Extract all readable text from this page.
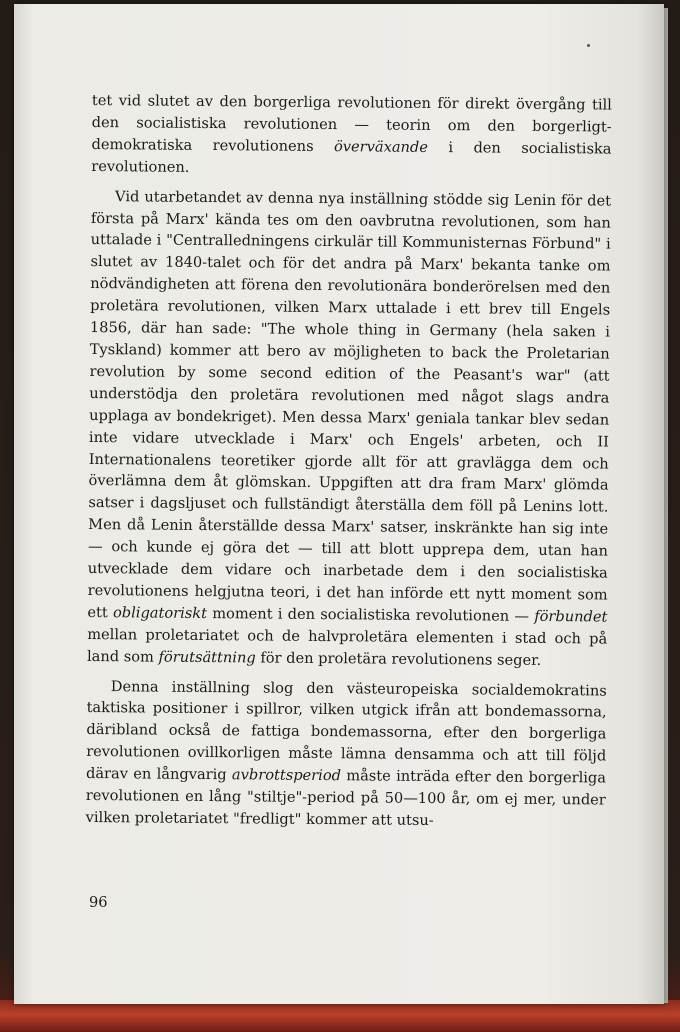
tet vid slutet av den borgerliga revolutionen för direkt övergång till den socialistiska revolutionen — teorin om den borgerligt-demokratiska revolutionens överväxande i den socialistiska revolutionen.

Vid utarbetandet av denna nya inställning stödde sig Lenin för det första på Marx' kända tes om den oavbrutna revolutionen, som han uttalade i "Centralledningens cirkulär till Kommunisternas Förbund" i slutet av 1840-talet och för det andra på Marx' bekanta tanke om nödvändigheten att förena den revolutionära bonderörelsen med den proletära revolutionen, vilken Marx uttalade i ett brev till Engels 1856, där han sade: "The whole thing in Germany (hela saken i Tyskland) kommer att bero av möjligheten to back the Proletarian revolution by some second edition of the Peasant's war" (att understödja den proletära revolutionen med något slags andra upplaga av bondekriget). Men dessa Marx' geniala tankar blev sedan inte vidare utvecklade i Marx' och Engels' arbeten, och II Internationalens teoretiker gjorde allt för att gravlägga dem och överlämna dem åt glömskan. Uppgiften att dra fram Marx' glömda satser i dagsljuset och fullständigt återställa dem föll på Lenins lott. Men då Lenin återställde dessa Marx' satser, inskränkte han sig inte — och kunde ej göra det — till att blott upprepa dem, utan han utvecklade dem vidare och inarbetade dem i den socialistiska revolutionens helgjutna teori, i det han införde ett nytt moment som ett obligatoriskt moment i den socialistiska revolutionen — förbundet mellan proletariatet och de halvproletära elementen i stad och på land som förutsättning för den proletära revolutionens seger.

Denna inställning slog den västeuropeiska socialdemokratins taktiska positioner i spillror, vilken utgick ifrån att bondemassorna, däribland också de fattiga bondemassorna, efter den borgerliga revolutionen ovillkorligen måste lämna densamma och att till följd därav en långvarig avbrottsperiod måste inträda efter den borgerliga revolutionen en lång "stiltje"-period på 50—100 år, om ej mer, under vilken proletariatet "fredligt" kommer att utsu-

96
